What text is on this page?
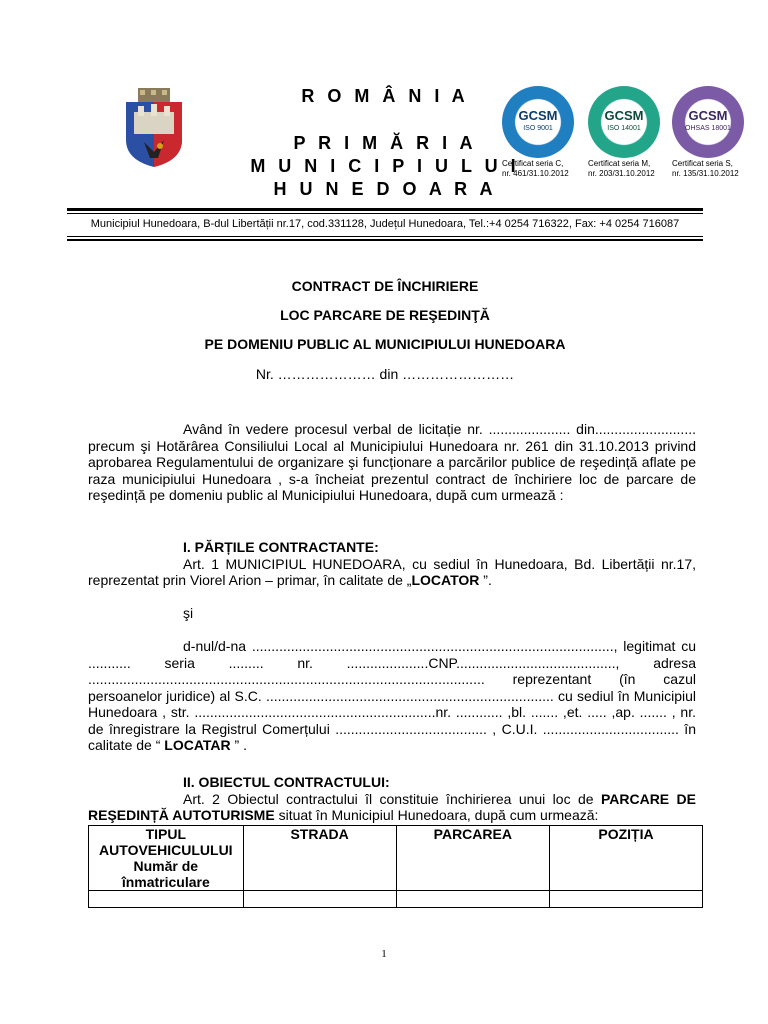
R O M Â N I A
P R I M Ă R I A
M U N I C I P I U L U I
H U N E D O A R A
GCSM
ISO 9001
Certificat seria C,
nr. 461/31.10.2012
GCSM
ISO 14001
Certificat seria M,
nr. 203/31.10.2012
GCSM
OHSAS 18001
Certificat seria S,
nr. 135/31.10.2012
Municipiul Hunedoara, B-dul Libertății nr.17, cod.331128, Județul Hunedoara, Tel.:+4 0254 716322, Fax: +4 0254 716087
CONTRACT DE ÎNCHIRIERE
LOC PARCARE DE REŞEDINŢĂ
PE DOMENIU PUBLIC AL MUNICIPIULUI HUNEDOARA
Nr. ………………… din ……………………

Având în vedere procesul verbal de licitație nr. ..................... din.......................... precum şi Hotărârea Consiliului Local al Municipiului Hunedoara nr. 261 din 31.10.2013 privind aprobarea Regulamentului de organizare şi funcționare a parcărilor publice de reşedință aflate pe raza municipiului Hunedoara , s-a încheiat prezentul contract de închiriere loc de parcare de reşedință pe domeniu public al Municipiului Hunedoara, după cum urmează :

I. PĂRȚILE CONTRACTANTE:

Art. 1 MUNICIPIUL HUNEDOARA, cu sediul în Hunedoara, Bd. Libertății nr.17, reprezentat prin Viorel Arion – primar, în calitate de „LOCATOR ”.

şi

d-nul/d-na ............................................................................................., legitimat cu ........... seria ......... nr. .....................CNP........................................., adresa ...................................................................................................... reprezentant (în cazul persoanelor juridice) al S.C. .......................................................................... cu sediul în Municipiul Hunedoara , str. ..............................................................nr. ............ ,bl. ....... ,et. ..... ,ap. ....... , nr. de înregistrare la Registrul Comerțului ....................................... , C.U.I. ................................... în calitate de “ LOCATAR ” .

II. OBIECTUL CONTRACTULUI:

Art. 2 Obiectul contractului îl constituie închirierea unui loc de PARCARE DE REŞEDINȚĂ AUTOTURISME situat în Municipiul Hunedoara, după cum urmează:

TIPUL
AUTOVEHICULULUI
Număr de
înmatriculare	STRADA	PARCAREA	POZIȚIA

1
